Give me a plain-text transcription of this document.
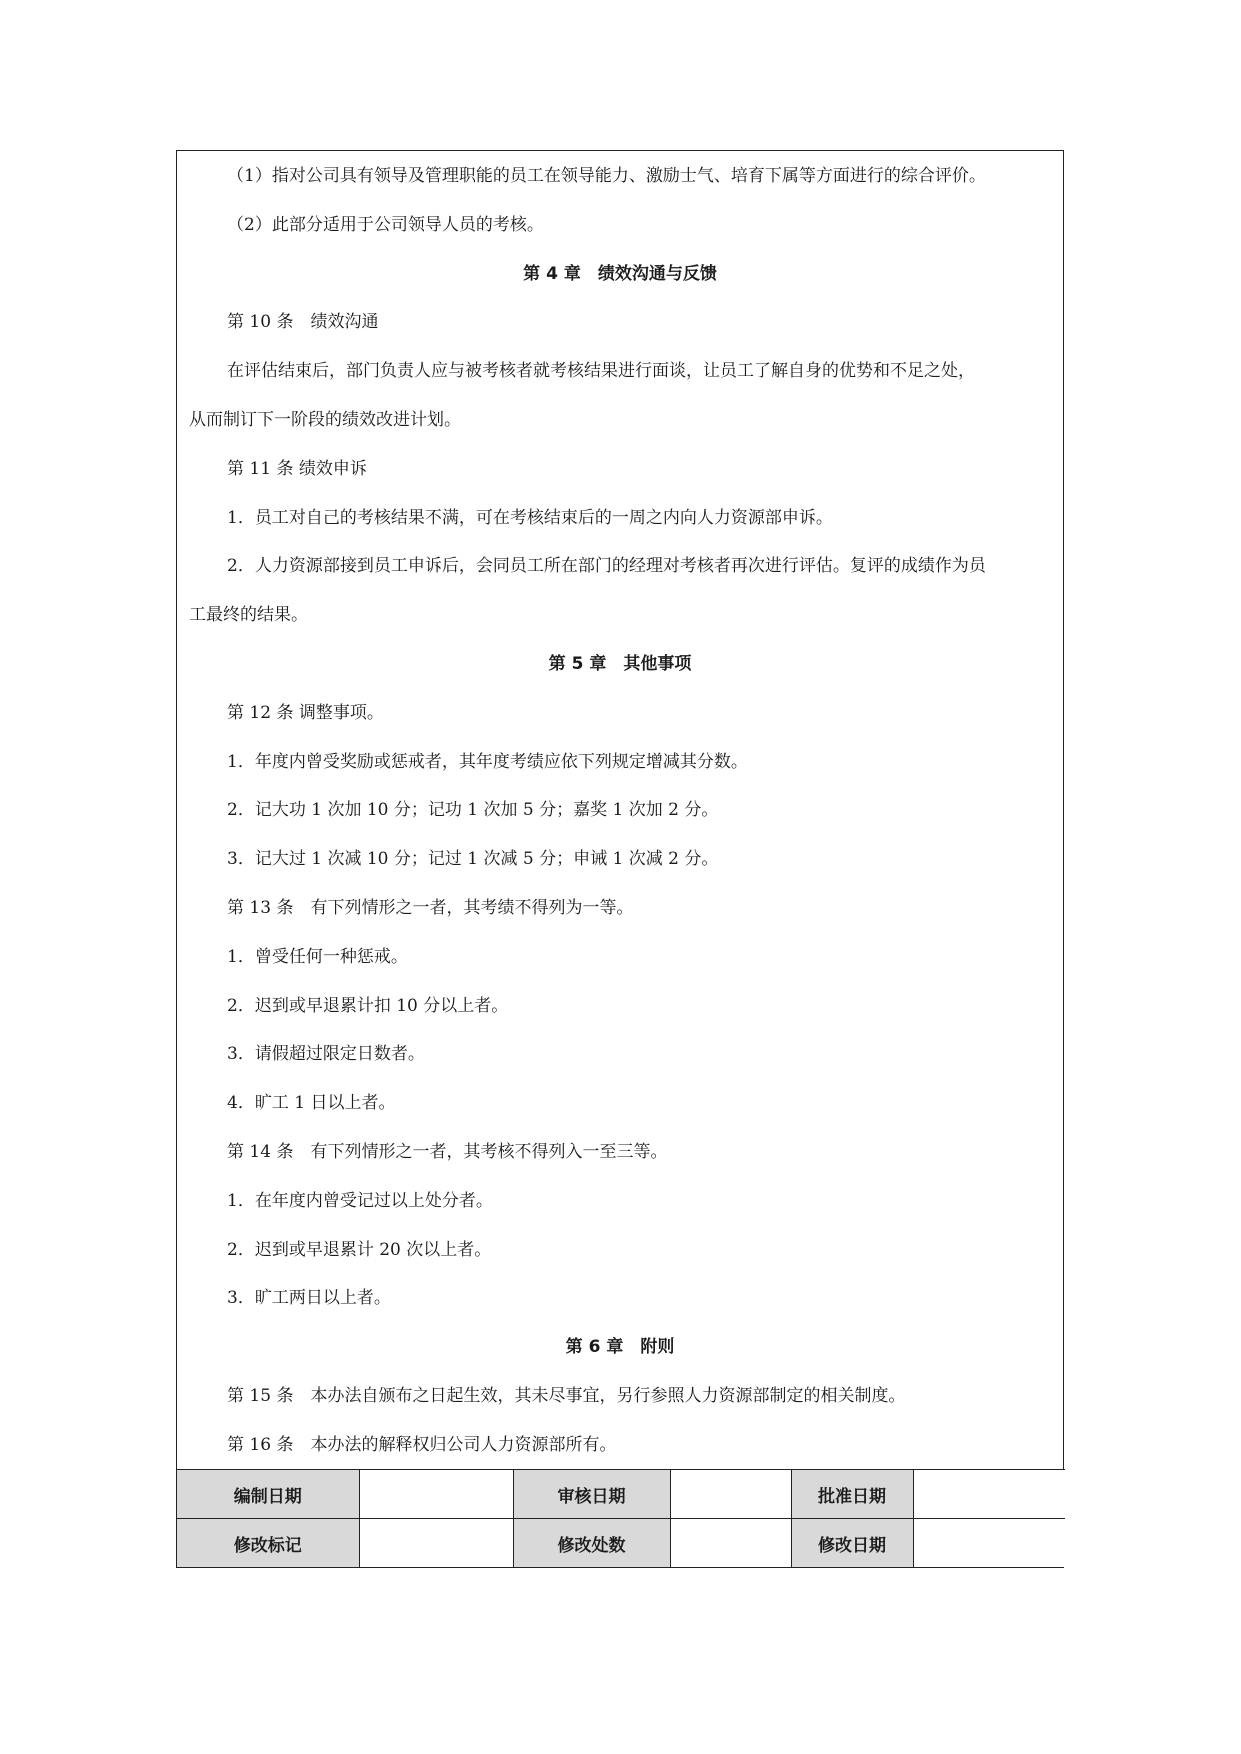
（1）指对公司具有领导及管理职能的员工在领导能力、激励士气、培育下属等方面进行的综合评价。
（2）此部分适用于公司领导人员的考核。
第 4 章　绩效沟通与反馈
第 10 条　绩效沟通
在评估结束后，部门负责人应与被考核者就考核结果进行面谈，让员工了解自身的优势和不足之处，
从而制订下一阶段的绩效改进计划。
第 11 条 绩效申诉
1．员工对自己的考核结果不满，可在考核结束后的一周之内向人力资源部申诉。
2．人力资源部接到员工申诉后，会同员工所在部门的经理对考核者再次进行评估。复评的成绩作为员
工最终的结果。
第 5 章　其他事项
第 12 条 调整事项。
1．年度内曾受奖励或惩戒者，其年度考绩应依下列规定增减其分数。
2．记大功 1 次加 10 分；记功 1 次加 5 分；嘉奖 1 次加 2 分。
3．记大过 1 次减 10 分；记过 1 次减 5 分；申诫 1 次减 2 分。
第 13 条　有下列情形之一者，其考绩不得列为一等。
1．曾受任何一种惩戒。
2．迟到或早退累计扣 10 分以上者。
3．请假超过限定日数者。
4．旷工 1 日以上者。
第 14 条　有下列情形之一者，其考核不得列入一至三等。
1．在年度内曾受记过以上处分者。
2．迟到或早退累计 20 次以上者。
3．旷工两日以上者。
第 6 章　附则
第 15 条　本办法自颁布之日起生效，其未尽事宜，另行参照人力资源部制定的相关制度。
第 16 条　本办法的解释权归公司人力资源部所有。
编制日期		审核日期		批准日期	
修改标记		修改处数		修改日期	
